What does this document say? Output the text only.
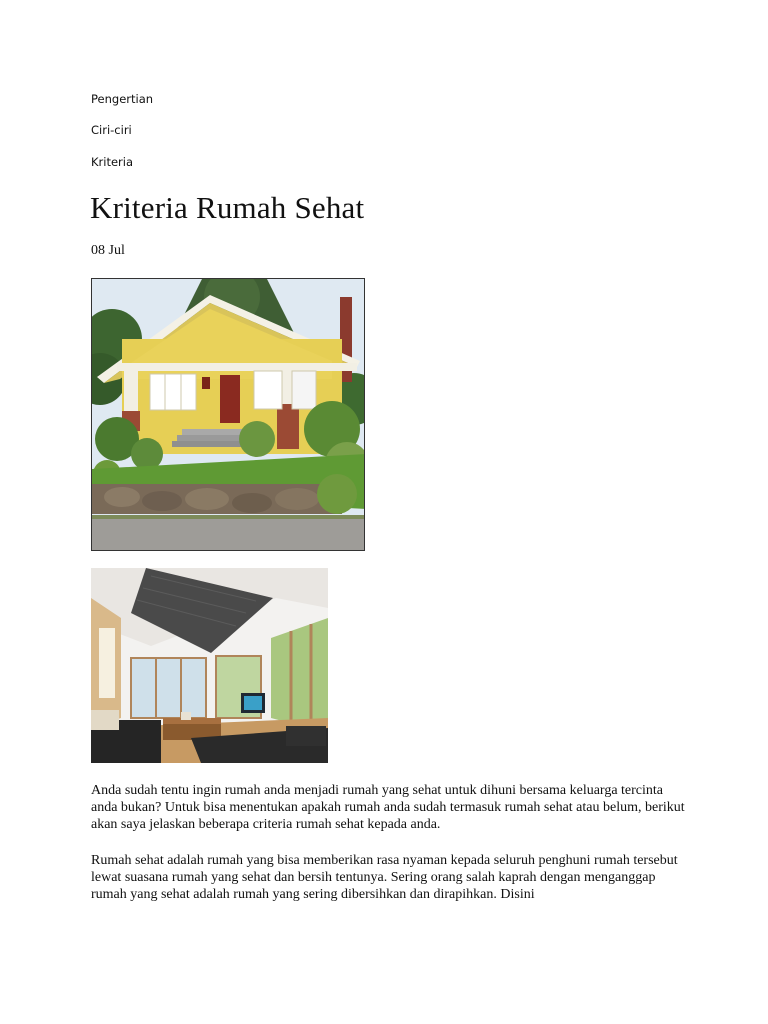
Pengertian
Ciri-ciri
Kriteria
Kriteria Rumah Sehat
08 Jul

Anda sudah tentu ingin rumah anda menjadi rumah yang sehat untuk dihuni bersama keluarga tercinta anda bukan? Untuk bisa menentukan apakah rumah anda sudah termasuk rumah sehat atau belum, berikut akan saya jelaskan beberapa criteria rumah sehat kepada anda.

Rumah sehat adalah rumah yang bisa memberikan rasa nyaman kepada seluruh penghuni rumah tersebut lewat suasana rumah yang sehat dan bersih tentunya. Sering orang salah kaprah dengan menganggap rumah yang sehat adalah rumah yang sering dibersihkan dan dirapihkan. Disini
